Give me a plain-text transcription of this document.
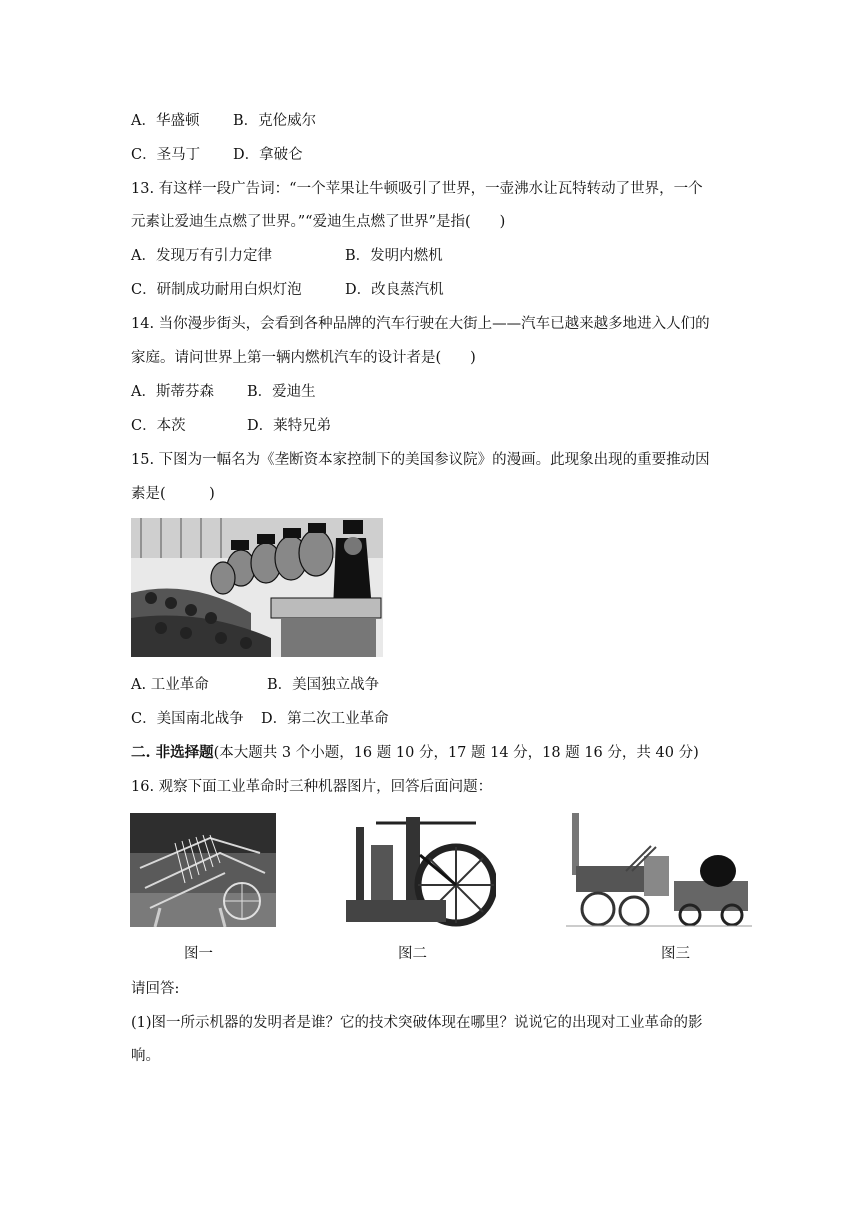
A．华盛顿 B．克伦威尔
C．圣马丁 D．拿破仑
13. 有这样一段广告词：“一个苹果让牛顿吸引了世界，一壶沸水让瓦特转动了世界，一个
元素让爱迪生点燃了世界。”“爱迪生点燃了世界”是指(　　)
A．发现万有引力定律	B．发明内燃机
C．研制成功耐用白炽灯泡	D．改良蒸汽机
14. 当你漫步街头，会看到各种品牌的汽车行驶在大街上——汽车已越来越多地进入人们的
家庭。请问世界上第一辆内燃机汽车的设计者是(　　)
A．斯蒂芬森 B．爱迪生
C．本茨	D．莱特兄弟
15. 下图为一幅名为《垄断资本家控制下的美国参议院》的漫画。此现象出现的重要推动因
素是(　　　)
A. 工业革命	B．美国独立战争
C．美国南北战争 D．第二次工业革命
二. 非选择题(本大题共 3 个小题，16 题 10 分，17 题 14 分，18 题 16 分，共 40 分)
16. 观察下面工业革命时三种机器图片，回答后面问题：
图一	图二	图三
请回答:
(1)图一所示机器的发明者是谁？它的技术突破体现在哪里？说说它的出现对工业革命的影
响。
